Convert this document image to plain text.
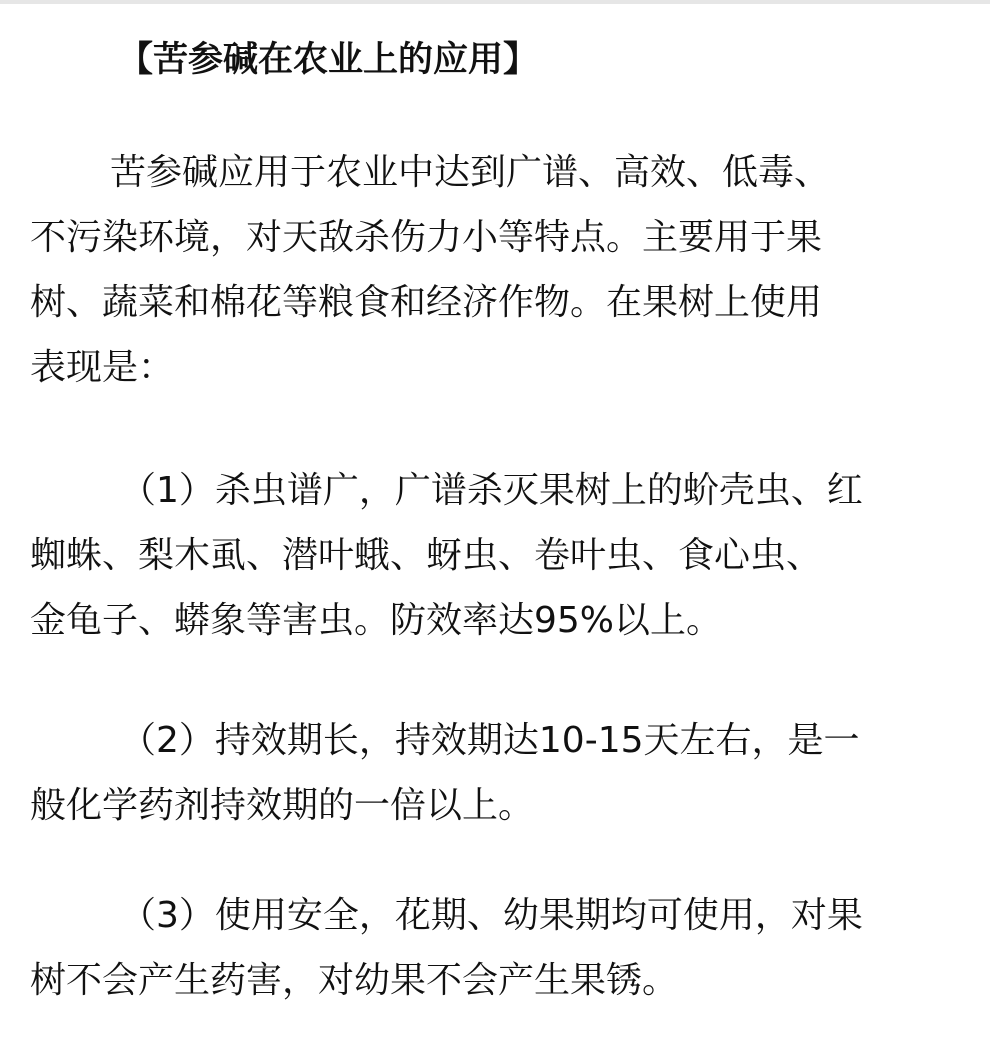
【苦参碱在农业上的应用】

苦参碱应用于农业中达到广谱、高效、低毒、
不污染环境，对天敌杀伤力小等特点。主要用于果
树、蔬菜和棉花等粮食和经济作物。在果树上使用
表现是：

（1）杀虫谱广，广谱杀灭果树上的蚧壳虫、红
蜘蛛、梨木虱、潜叶蛾、蚜虫、卷叶虫、食心虫、
金龟子、蟒象等害虫。防效率达95%以上。

（2）持效期长，持效期达10-15天左右，是一
般化学药剂持效期的一倍以上。

（3）使用安全，花期、幼果期均可使用，对果
树不会产生药害，对幼果不会产生果锈。
